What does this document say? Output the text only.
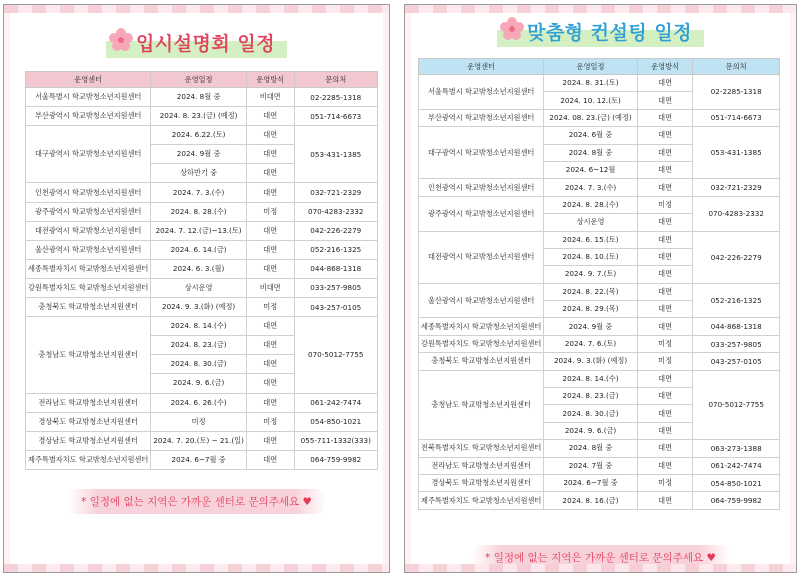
입시설명회 일정
운영센터	운영일정	운영방식	문의처
서울특별시 학교밖청소년지원센터	2024. 8월 중	비대면	02-2285-1318
부산광역시 학교밖청소년지원센터	2024. 8. 23.(금) (예정)	대면	051-714-6673
대구광역시 학교밖청소년지원센터	2024. 6.22.(토)	대면	053-431-1385
	2024. 9월 중	대면	
	상하반기 중	대면	
인천광역시 학교밖청소년지원센터	2024. 7. 3.(수)	대면	032-721-2329
광주광역시 학교밖청소년지원센터	2024. 8. 28.(수)	미정	070-4283-2332
대전광역시 학교밖청소년지원센터	2024. 7. 12.(금)~13.(토)	대면	042-226-2279
울산광역시 학교밖청소년지원센터	2024. 6. 14.(금)	대면	052-216-1325
세종특별자치시 학교밖청소년지원센터	2024. 6. 3.(월)	대면	044-868-1318
강원특별자치도 학교밖청소년지원센터	상시운영	비대면	033-257-9805
충청북도 학교밖청소년지원센터	2024. 9. 3.(화) (예정)	미정	043-257-0105
충청남도 학교밖청소년지원센터	2024. 8. 14.(수)	대면	070-5012-7755
	2024. 8. 23.(금)	대면	
	2024. 8. 30.(금)	대면	
	2024. 9. 6.(금)	대면	
전라남도 학교밖청소년지원센터	2024. 6. 26.(수)	대면	061-242-7474
경상북도 학교밖청소년지원센터	미정	미정	054-850-1021
경상남도 학교밖청소년지원센터	2024. 7. 20.(토) ~ 21.(일)	대면	055-711-1332(333)
제주특별자치도 학교밖청소년지원센터	2024. 6~7월 중	대면	064-759-9982
* 일정에 없는 지역은 가까운 센터로 문의주세요 ♥
맞춤형 컨설팅 일정
운영센터	운영일정	운영방식	문의처
서울특별시 학교밖청소년지원센터	2024. 8. 31.(토)	대면	02-2285-1318
	2024. 10. 12.(토)	대면	
부산광역시 학교밖청소년지원센터	2024. 08. 23.(금) (예정)	대면	051-714-6673
대구광역시 학교밖청소년지원센터	2024. 6월 중	대면	053-431-1385
	2024. 8월 중	대면	
	2024. 6~12월	대면	
인천광역시 학교밖청소년지원센터	2024. 7. 3.(수)	대면	032-721-2329
광주광역시 학교밖청소년지원센터	2024. 8. 28.(수)	미정	070-4283-2332
	상시운영	대면	
대전광역시 학교밖청소년지원센터	2024. 6. 15.(토)	대면	042-226-2279
	2024. 8. 10.(토)	대면	
	2024. 9. 7.(토)	대면	
울산광역시 학교밖청소년지원센터	2024. 8. 22.(목)	대면	052-216-1325
	2024. 8. 29.(목)	대면	
세종특별자치시 학교밖청소년지원센터	2024. 9월 중	대면	044-868-1318
강원특별자치도 학교밖청소년지원센터	2024. 7. 6.(토)	미정	033-257-9805
충청북도 학교밖청소년지원센터	2024. 9. 3.(화) (예정)	미정	043-257-0105
충청남도 학교밖청소년지원센터	2024. 8. 14.(수)	대면	070-5012-7755
	2024. 8. 23.(금)	대면	
	2024. 8. 30.(금)	대면	
	2024. 9. 6.(금)	대면	
전북특별자치도 학교밖청소년지원센터	2024. 8월 중	대면	063-273-1388
전라남도 학교밖청소년지원센터	2024. 7월 중	대면	061-242-7474
경상북도 학교밖청소년지원센터	2024. 6~7월 중	미정	054-850-1021
제주특별자치도 학교밖청소년지원센터	2024. 8. 16.(금)	대면	064-759-9982
* 일정에 없는 지역은 가까운 센터로 문의주세요 ♥
